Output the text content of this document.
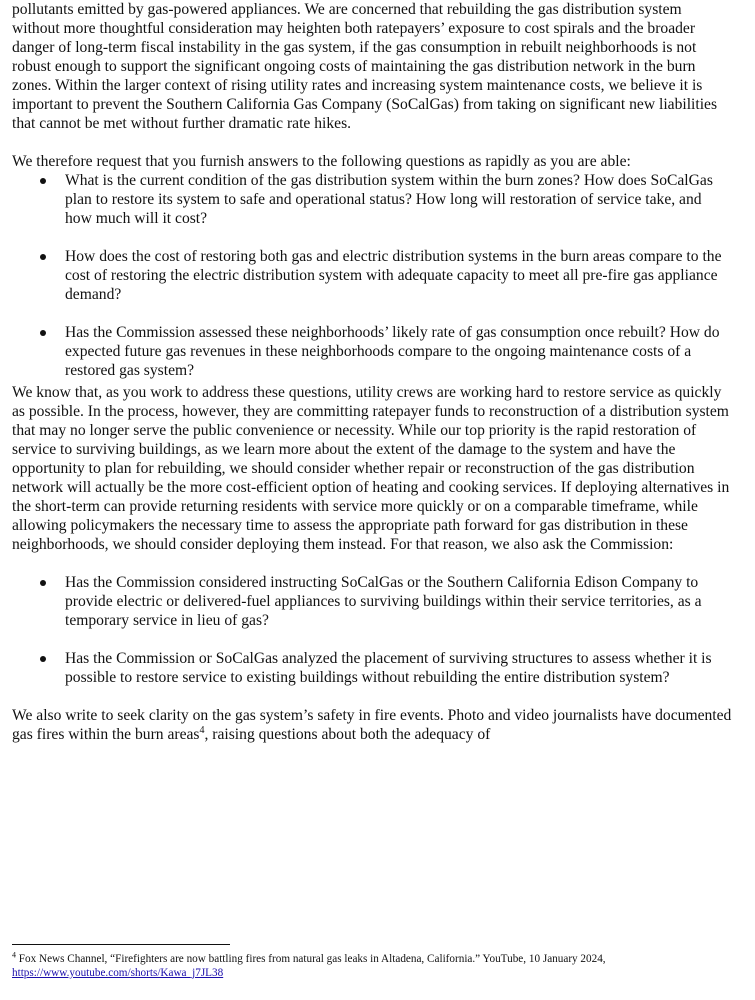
pollutants emitted by gas-powered appliances. We are concerned that rebuilding the gas distribution system without more thoughtful consideration may heighten both ratepayers’ exposure to cost spirals and the broader danger of long-term fiscal instability in the gas system, if the gas consumption in rebuilt neighborhoods is not robust enough to support the significant ongoing costs of maintaining the gas distribution network in the burn zones. Within the larger context of rising utility rates and increasing system maintenance costs, we believe it is important to prevent the Southern California Gas Company (SoCalGas) from taking on significant new liabilities that cannot be met without further dramatic rate hikes.

We therefore request that you furnish answers to the following questions as rapidly as you are able:

What is the current condition of the gas distribution system within the burn zones? How does SoCalGas plan to restore its system to safe and operational status? How long will restoration of service take, and how much will it cost?
How does the cost of restoring both gas and electric distribution systems in the burn areas compare to the cost of restoring the electric distribution system with adequate capacity to meet all pre-fire gas appliance demand?
Has the Commission assessed these neighborhoods’ likely rate of gas consumption once rebuilt? How do expected future gas revenues in these neighborhoods compare to the ongoing maintenance costs of a restored gas system?

We know that, as you work to address these questions, utility crews are working hard to restore service as quickly as possible. In the process, however, they are committing ratepayer funds to reconstruction of a distribution system that may no longer serve the public convenience or necessity. While our top priority is the rapid restoration of service to surviving buildings, as we learn more about the extent of the damage to the system and have the opportunity to plan for rebuilding, we should consider whether repair or reconstruction of the gas distribution network will actually be the more cost-efficient option of heating and cooking services. If deploying alternatives in the short-term can provide returning residents with service more quickly or on a comparable timeframe, while allowing policymakers the necessary time to assess the appropriate path forward for gas distribution in these neighborhoods, we should consider deploying them instead. For that reason, we also ask the Commission:

Has the Commission considered instructing SoCalGas or the Southern California Edison Company to provide electric or delivered-fuel appliances to surviving buildings within their service territories, as a temporary service in lieu of gas?
Has the Commission or SoCalGas analyzed the placement of surviving structures to assess whether it is possible to restore service to existing buildings without rebuilding the entire distribution system?

We also write to seek clarity on the gas system’s safety in fire events. Photo and video journalists have documented gas fires within the burn areas$^4$, raising questions about both the adequacy of

$^4$ Fox News Channel, “Firefighters are now battling fires from natural gas leaks in Altadena, California.” YouTube, 10 January 2024,
https://www.youtube.com/shorts/Kawa_j7JL38
